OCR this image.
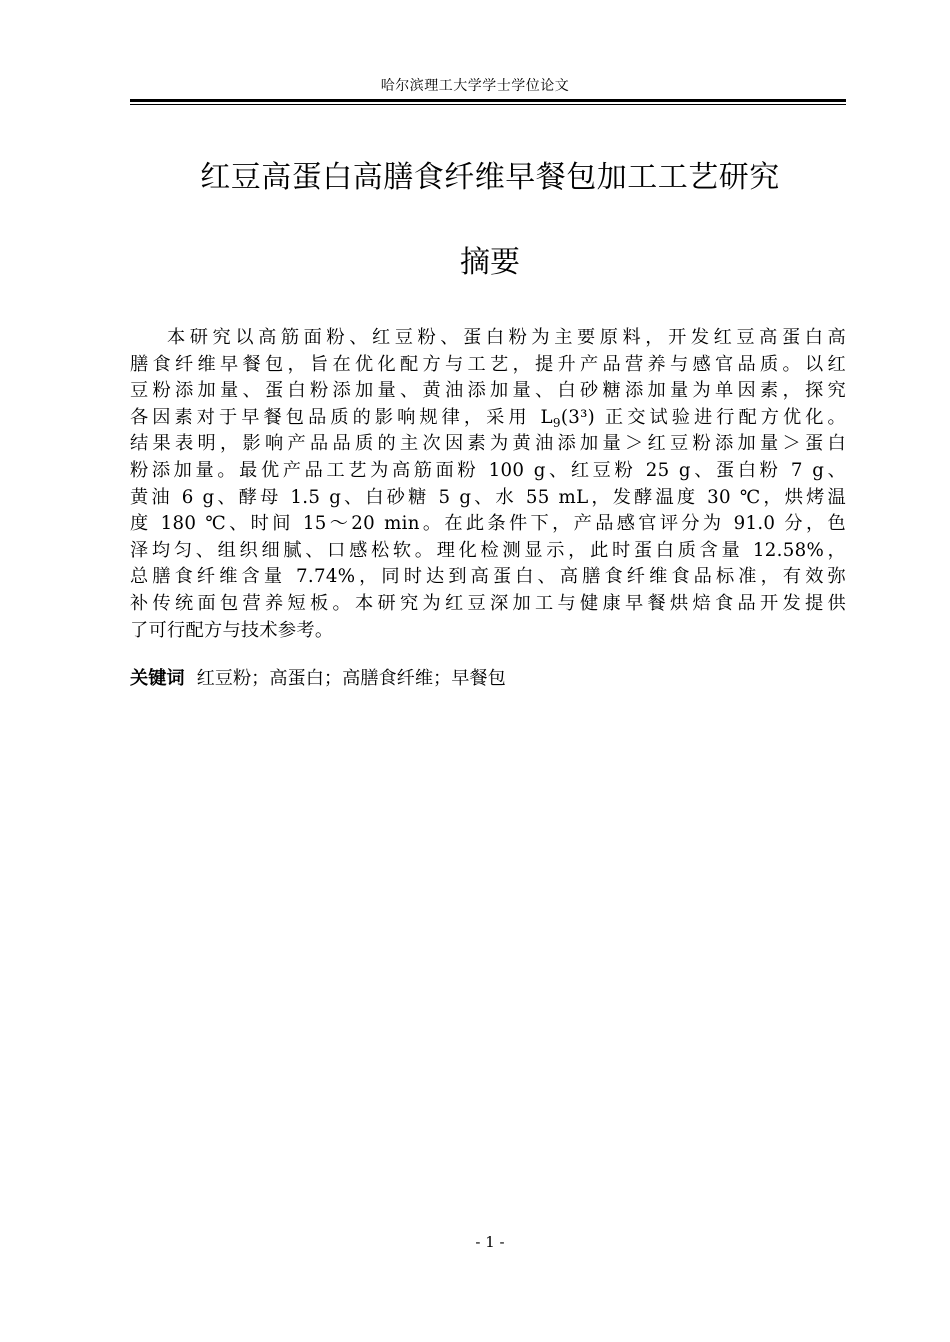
哈尔滨理工大学学士学位论文
红豆高蛋白高膳食纤维早餐包加工工艺研究
摘要
本研究以高筋面粉、红豆粉、蛋白粉为主要原料，开发红豆高蛋白高
膳食纤维早餐包，旨在优化配方与工艺，提升产品营养与感官品质。以红
豆粉添加量、蛋白粉添加量、黄油添加量、白砂糖添加量为单因素，探究
各因素对于早餐包品质的影响规律，采用 $L_9(3^3)$ 正交试验进行配方优化。
结果表明，影响产品品质的主次因素为黄油添加量＞红豆粉添加量＞蛋白
粉添加量。最优产品工艺为高筋面粉 100 g、红豆粉 25 g、蛋白粉 7 g、
黄油 6 g、酵母 1.5 g、白砂糖 5 g、水 55 mL，发酵温度 30 ℃，烘烤温
度 180 ℃、时间 15～20 min。在此条件下，产品感官评分为 91.0 分，色
泽均匀、组织细腻、口感松软。理化检测显示，此时蛋白质含量 12.58%，
总膳食纤维含量 7.74%，同时达到高蛋白、高膳食纤维食品标准，有效弥
补传统面包营养短板。本研究为红豆深加工与健康早餐烘焙食品开发提供
了可行配方与技术参考。
关键词 红豆粉；高蛋白；高膳食纤维；早餐包
- 1 -
